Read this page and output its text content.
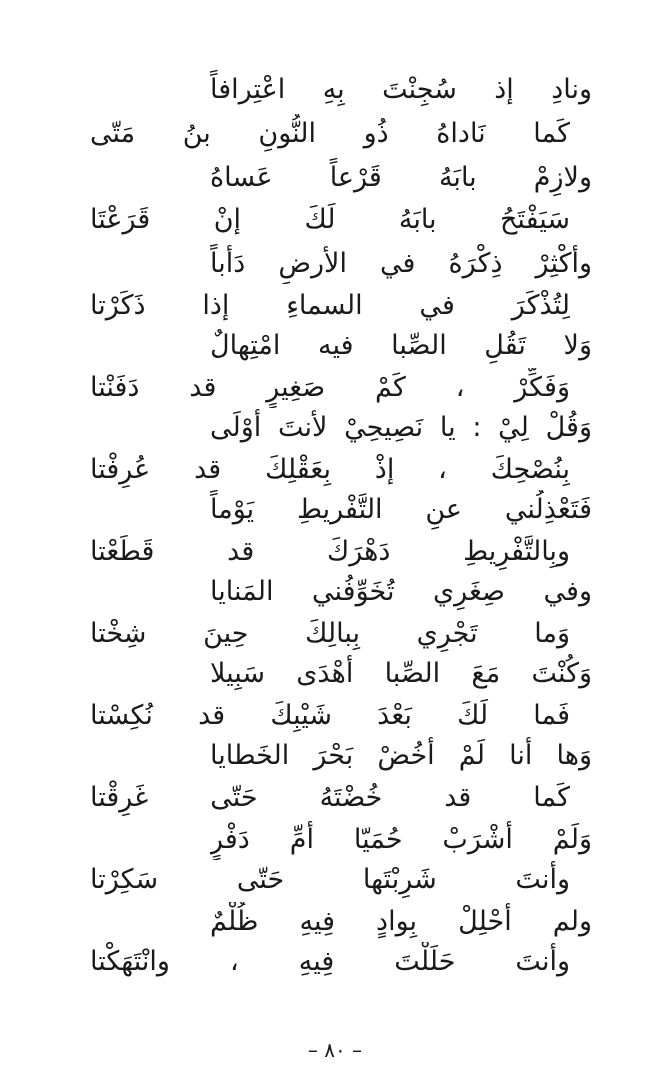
ونادِ إذ سُجِنْتَ بِهِ اعْتِرافاً
كَما نَاداهُ ذُو النُّونِ بنُ مَتّى
ولازِمْ بابَهُ قَرْعاً عَساهُ
سَيَفْتَحُ بابَهُ لَكَ إنْ قَرَعْتَا
وأَكْثِرْ ذِكْرَهُ في الأرضِ دَأباً
لِتُذْكَرَ في السماءِ إذا ذَكَرْتا
وَلا تَقُلِ الصِّبا فيه امْتِهالٌ
وَفَكِّرْ ، كَمْ صَغِيرٍ قد دَفَنْتا
وَقُلْ لِيْ : يا نَصِيحِيْ لأنتَ أَوْلَى
بِنُصْحِكَ ، إذْ بِعَقْلِكَ قد عُرِفْتا
فَتَعْذِلُني عنِ التَّفْريطِ يَوْماً
وبِالتَّفْرِيطِ دَهْرَكَ قد قَطَعْتا
وفي صِغَرِي تُخَوِّفُني المَنايا
وَما تَجْرِي بِبالِكَ حِينَ شِخْتا
وَكُنْتَ مَعَ الصِّبا أَهْدَى سَبِيلا
فَما لَكَ بَعْدَ شَيْبِكَ قد نُكِسْتا
وَها أنا لَمْ أَخُضْ بَحْرَ الخَطايا
كَما قد خُضْتَهُ حَتّى غَرِقْتا
وَلَمْ أَشْرَبْ حُمَيّا أمِّ دَفْرٍ
وأنتَ شَرِبْتَها حَتّى سَكِرْتا
ولم أَحْلِلْ بِوادٍ فِيهِ ظُلْمٌ
وأنتَ حَلَلْتَ فِيهِ ، وانْتَهَكْتا
– ٨٠ –
